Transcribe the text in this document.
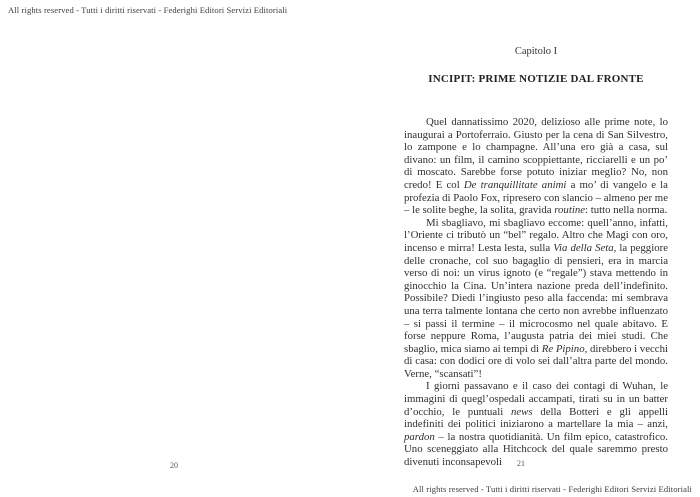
All rights reserved - Tutti i diritti riservati - Federighi Editori Servizi Editoriali
20
Capitolo I
INCIPIT: PRIME NOTIZIE DAL FRONTE

Quel dannatissimo 2020, delizioso alle prime note, lo inaugurai a Portoferraio. Giusto per la cena di San Silvestro, lo zampone e lo champagne. All’una ero già a casa, sul divano: un film, il camino scoppiettante, ricciarelli e un po’ di moscato. Sarebbe forse potuto iniziar meglio? No, non credo! E col De tranquillitate animi a mo’ di vangelo e la profezia di Paolo Fox, ripresero con slancio – almeno per me – le solite beghe, la solita, gravida routine: tutto nella norma.

Mi sbagliavo, mi sbagliavo eccome: quell’anno, infatti, l’Oriente ci tributò un “bel” regalo. Altro che Magi con oro, incenso e mirra! Lesta lesta, sulla Via della Seta, la peggiore delle cronache, col suo bagaglio di pensieri, era in marcia verso di noi: un virus ignoto (e “regale”) stava mettendo in ginocchio la Cina. Un’intera nazione preda dell’indefinito. Possibile? Diedi l’ingiusto peso alla faccenda: mi sembrava una terra talmente lontana che certo non avrebbe influenzato – si passi il termine – il microcosmo nel quale abitavo. E forse neppure Roma, l’augusta patria dei miei studi. Che sbaglio, mica siamo ai tempi di Re Pipino, direbbero i vecchi di casa: con dodici ore di volo sei dall’altra parte del mondo. Verne, “scansati”!

I giorni passavano e il caso dei contagi di Wuhan, le immagini di quegl’ospedali accampati, tirati su in un batter d’occhio, le puntuali news della Botteri e gli appelli indefiniti dei politici iniziarono a martellare la mia – anzi, pardon – la nostra quotidianità. Un film epico, catastrofico. Uno sceneggiato alla Hitchcock del quale saremmo presto divenuti inconsapevoli	21
All rights reserved - Tutti i diritti riservati - Federighi Editori Servizi Editoriali
